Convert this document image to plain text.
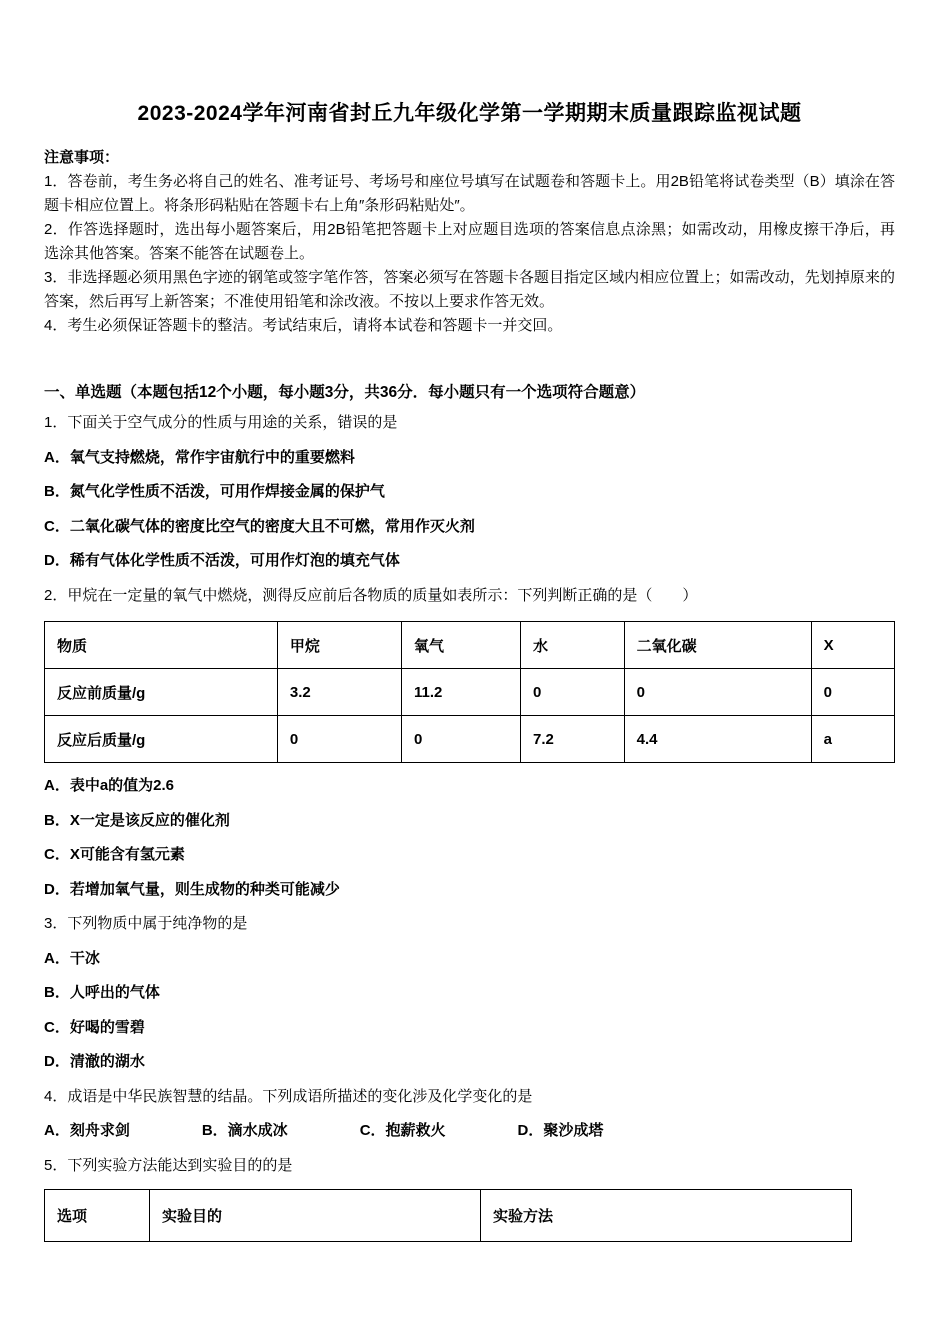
2023-2024学年河南省封丘九年级化学第一学期期末质量跟踪监视试题

注意事项：

1．答卷前，考生务必将自己的姓名、准考证号、考场号和座位号填写在试题卷和答题卡上。用2B铅笔将试卷类型（B）填涂在答题卡相应位置上。将条形码粘贴在答题卡右上角″条形码粘贴处″。

2．作答选择题时，选出每小题答案后，用2B铅笔把答题卡上对应题目选项的答案信息点涂黑；如需改动，用橡皮擦干净后，再选涂其他答案。答案不能答在试题卷上。

3．非选择题必须用黑色字迹的钢笔或签字笔作答，答案必须写在答题卡各题目指定区域内相应位置上；如需改动，先划掉原来的答案，然后再写上新答案；不准使用铅笔和涂改液。不按以上要求作答无效。

4．考生必须保证答题卡的整洁。考试结束后，请将本试卷和答题卡一并交回。

一、单选题（本题包括12个小题，每小题3分，共36分．每小题只有一个选项符合题意）

1．下面关于空气成分的性质与用途的关系，错误的是

A．氧气支持燃烧，常作宇宙航行中的重要燃料

B．氮气化学性质不活泼，可用作焊接金属的保护气

C．二氧化碳气体的密度比空气的密度大且不可燃，常用作灭火剂

D．稀有气体化学性质不活泼，可用作灯泡的填充气体

2．甲烷在一定量的氧气中燃烧，测得反应前后各物质的质量如表所示：下列判断正确的是（　　）

物质	甲烷	氧气	水	二氧化碳	X
反应前质量/g	3.2	11.2	0	0	0
反应后质量/g	0	0	7.2	4.4	a

A．表中a的值为2.6

B．X一定是该反应的催化剂

C．X可能含有氢元素

D．若增加氧气量，则生成物的种类可能减少

3．下列物质中属于纯净物的是

A．干冰

B．人呼出的气体

C．好喝的雪碧

D．清澈的湖水

4．成语是中华民族智慧的结晶。下列成语所描述的变化涉及化学变化的是

A．刻舟求剑	B．滴水成冰	C．抱薪救火	D．聚沙成塔

5．下列实验方法能达到实验目的的是

选项	实验目的	实验方法
